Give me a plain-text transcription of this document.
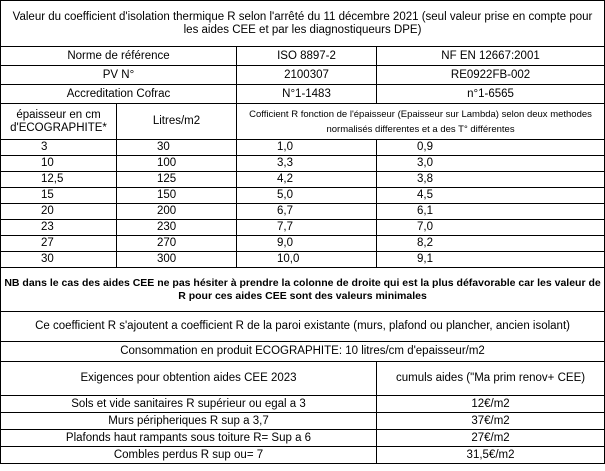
Valeur du coefficient d'isolation thermique R selon l'arrêté du 11 décembre 2021 (seul valeur prise en compte pour les aides CEE et par les diagnostiqueurs DPE)			
Norme de référence		ISO 8897-2	NF EN 12667:2001
PV N°		2100307	RE0922FB-002
Accreditation Cofrac		N°1-1483	n°1-6565
épaisseur en cm d'ECOGRAPHITE*	Litres/m2	Cofficient R fonction de l'épaisseur (Epaisseur sur Lambda) selon deux methodes normalisés differentes et a des T° différentes	
3	30	1,0	0,9
10	100	3,3	3,0
12,5	125	4,2	3,8
15	150	5,0	4,5
20	200	6,7	6,1
23	230	7,7	7,0
27	270	9,0	8,2
30	300	10,0	9,1
NB dans le cas des aides CEE ne pas hésiter à prendre la colonne de droite qui est la plus défavorable car les valeur de R pour ces aides CEE sont des valeurs minimales			
Ce coefficient R s'ajoutent a coefficient R de la paroi existante (murs, plafond ou plancher, ancien isolant)			
Consommation en produit ECOGRAPHITE: 10 litres/cm d'epaisseur/m2			
Exigences pour obtention aides CEE 2023			cumuls aides ("Ma prim renov+ CEE)
Sols et vide sanitaires R supérieur ou egal a 3			12€/m2
Murs péripheriques R sup a 3,7			37€/m2
Plafonds haut rampants sous toiture R= Sup a 6			27€/m2
Combles perdus R sup ou= 7			31,5€/m2
